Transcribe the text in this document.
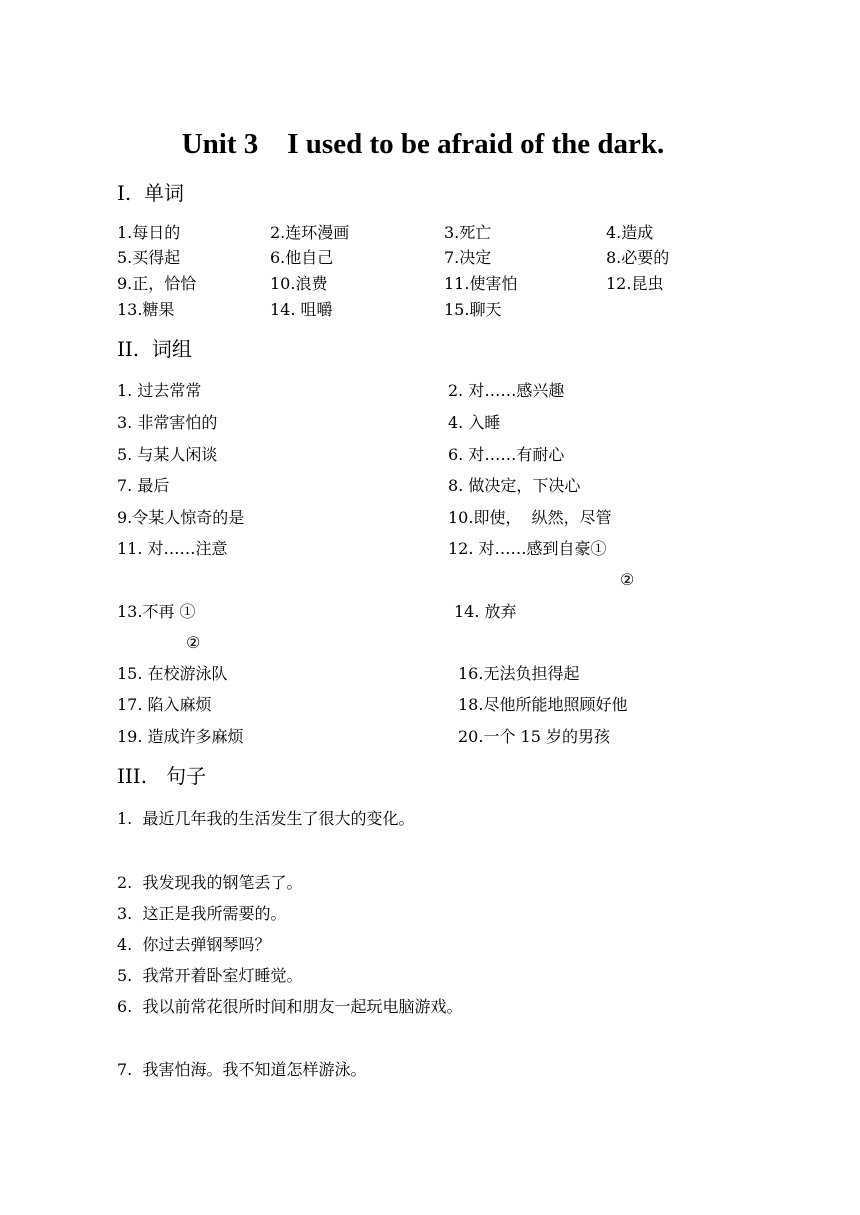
Unit 3    I used to be afraid of the dark.
I.  单词
1.每日的	2.连环漫画	3.死亡	4.造成
5.买得起	6.他自己	7.决定	8.必要的
9.正，恰恰	10.浪费	11.使害怕	12.昆虫
13.糖果	14. 咀嚼	15.聊天
II.  词组
1. 过去常常	2. 对……感兴趣
3. 非常害怕的	4. 入睡
5. 与某人闲谈	6. 对……有耐心
7. 最后	8. 做决定，下决心
9.令某人惊奇的是	10.即使，  纵然，尽管
11. 对……注意	12. 对……感到自豪①
②
13.不再 ①	14. 放弃
②
15. 在校游泳队	16.无法负担得起
17. 陷入麻烦	18.尽他所能地照顾好他
19. 造成许多麻烦	20.一个 15 岁的男孩
III.   句子
1.  最近几年我的生活发生了很大的变化。
2.  我发现我的钢笔丢了。
3.  这正是我所需要的。
4.  你过去弹钢琴吗？
5.  我常开着卧室灯睡觉。
6.  我以前常花很所时间和朋友一起玩电脑游戏。
7.  我害怕海。我不知道怎样游泳。
